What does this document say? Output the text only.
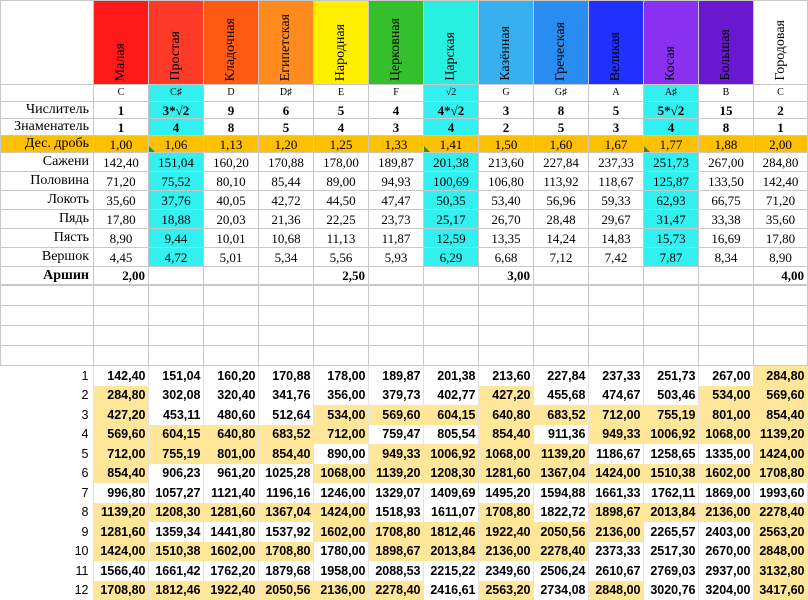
	Малая	Простая	Кладочная	Египетская	Народная	Церковная	Царская	Казённая	Греческая	Великая	Косая	Большая	Городовая

	C	C♯	D	D♯	E	F	√2	G	G♯	A	A♯	B	C
Числитель	1	3*√2	9	6	5	4	4*√2	3	8	5	5*√2	15	2
Знаменатель	1	4	8	5	4	3	4	2	5	3	4	8	1
Дес. дробь	1,00	1,06	1,13	1,20	1,25	1,33	1,41	1,50	1,60	1,67	1,77	1,88	2,00
Сажени	142,40	151,04	160,20	170,88	178,00	189,87	201,38	213,60	227,84	237,33	251,73	267,00	284,80
Половина	71,20	75,52	80,10	85,44	89,00	94,93	100,69	106,80	113,92	118,67	125,87	133,50	142,40
Локоть	35,60	37,76	40,05	42,72	44,50	47,47	50,35	53,40	56,96	59,33	62,93	66,75	71,20
Пядь	17,80	18,88	20,03	21,36	22,25	23,73	25,17	26,70	28,48	29,67	31,47	33,38	35,60
Пясть	8,90	9,44	10,01	10,68	11,13	11,87	12,59	13,35	14,24	14,83	15,73	16,69	17,80
Вершок	4,45	4,72	5,01	5,34	5,56	5,93	6,29	6,68	7,12	7,42	7,87	8,34	8,90
Аршин	2,00				2,50			3,00					4,00

1	142,40	151,04	160,20	170,88	178,00	189,87	201,38	213,60	227,84	237,33	251,73	267,00	284,80
2	284,80	302,08	320,40	341,76	356,00	379,73	402,77	427,20	455,68	474,67	503,46	534,00	569,60
3	427,20	453,11	480,60	512,64	534,00	569,60	604,15	640,80	683,52	712,00	755,19	801,00	854,40
4	569,60	604,15	640,80	683,52	712,00	759,47	805,54	854,40	911,36	949,33	1006,92	1068,00	1139,20
5	712,00	755,19	801,00	854,40	890,00	949,33	1006,92	1068,00	1139,20	1186,67	1258,65	1335,00	1424,00
6	854,40	906,23	961,20	1025,28	1068,00	1139,20	1208,30	1281,60	1367,04	1424,00	1510,38	1602,00	1708,80
7	996,80	1057,27	1121,40	1196,16	1246,00	1329,07	1409,69	1495,20	1594,88	1661,33	1762,11	1869,00	1993,60
8	1139,20	1208,30	1281,60	1367,04	1424,00	1518,93	1611,07	1708,80	1822,72	1898,67	2013,84	2136,00	2278,40
9	1281,60	1359,34	1441,80	1537,92	1602,00	1708,80	1812,46	1922,40	2050,56	2136,00	2265,57	2403,00	2563,20
10	1424,00	1510,38	1602,00	1708,80	1780,00	1898,67	2013,84	2136,00	2278,40	2373,33	2517,30	2670,00	2848,00
11	1566,40	1661,42	1762,20	1879,68	1958,00	2088,53	2215,22	2349,60	2506,24	2610,67	2769,03	2937,00	3132,80
12	1708,80	1812,46	1922,40	2050,56	2136,00	2278,40	2416,61	2563,20	2734,08	2848,00	3020,76	3204,00	3417,60
